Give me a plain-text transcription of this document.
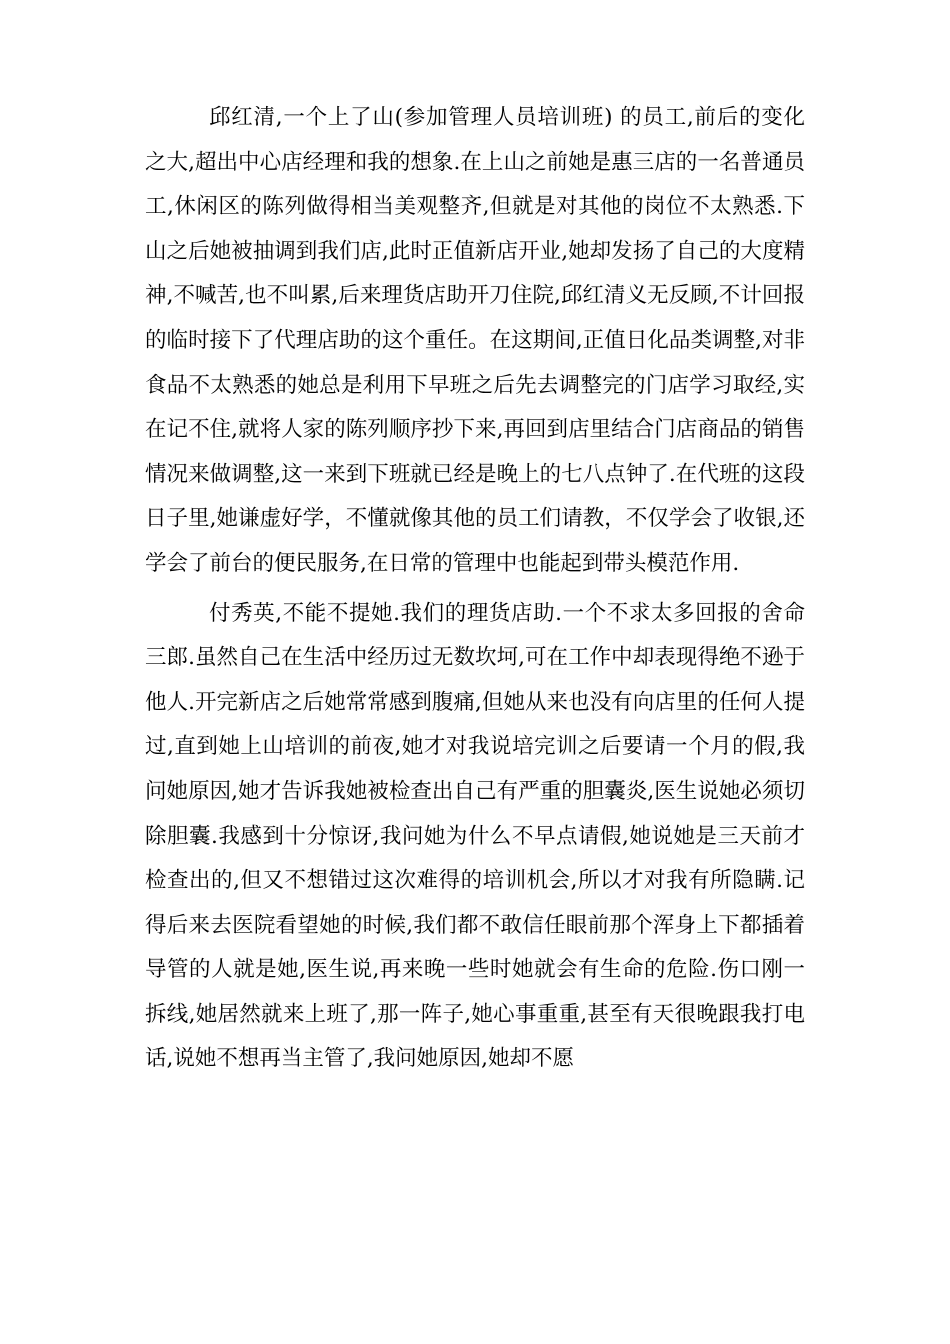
邱红清,一个上了山(参加管理人员培训班) 的员工,前后的变化之大,超出中心店经理和我的想象.在上山之前她是惠三店的一名普通员工,休闲区的陈列做得相当美观整齐,但就是对其他的岗位不太熟悉.下山之后她被抽调到我们店,此时正值新店开业,她却发扬了自己的大度精神,不喊苦,也不叫累,后来理货店助开刀住院,邱红清义无反顾,不计回报的临时接下了代理店助的这个重任。在这期间,正值日化品类调整,对非食品不太熟悉的她总是利用下早班之后先去调整完的门店学习取经,实在记不住,就将人家的陈列顺序抄下来,再回到店里结合门店商品的销售情况来做调整,这一来到下班就已经是晚上的七八点钟了.在代班的这段日子里,她谦虚好学，不懂就像其他的员工们请教，不仅学会了收银,还学会了前台的便民服务,在日常的管理中也能起到带头模范作用.

付秀英,不能不提她.我们的理货店助.一个不求太多回报的舍命三郎.虽然自己在生活中经历过无数坎坷,可在工作中却表现得绝不逊于他人.开完新店之后她常常感到腹痛,但她从来也没有向店里的任何人提过,直到她上山培训的前夜,她才对我说培完训之后要请一个月的假,我问她原因,她才告诉我她被检查出自己有严重的胆囊炎,医生说她必须切除胆囊.我感到十分惊讶,我问她为什么不早点请假,她说她是三天前才检查出的,但又不想错过这次难得的培训机会,所以才对我有所隐瞒.记得后来去医院看望她的时候,我们都不敢信任眼前那个浑身上下都插着导管的人就是她,医生说,再来晚一些时她就会有生命的危险.伤口刚一拆线,她居然就来上班了,那一阵子,她心事重重,甚至有天很晚跟我打电话,说她不想再当主管了,我问她原因,她却不愿
